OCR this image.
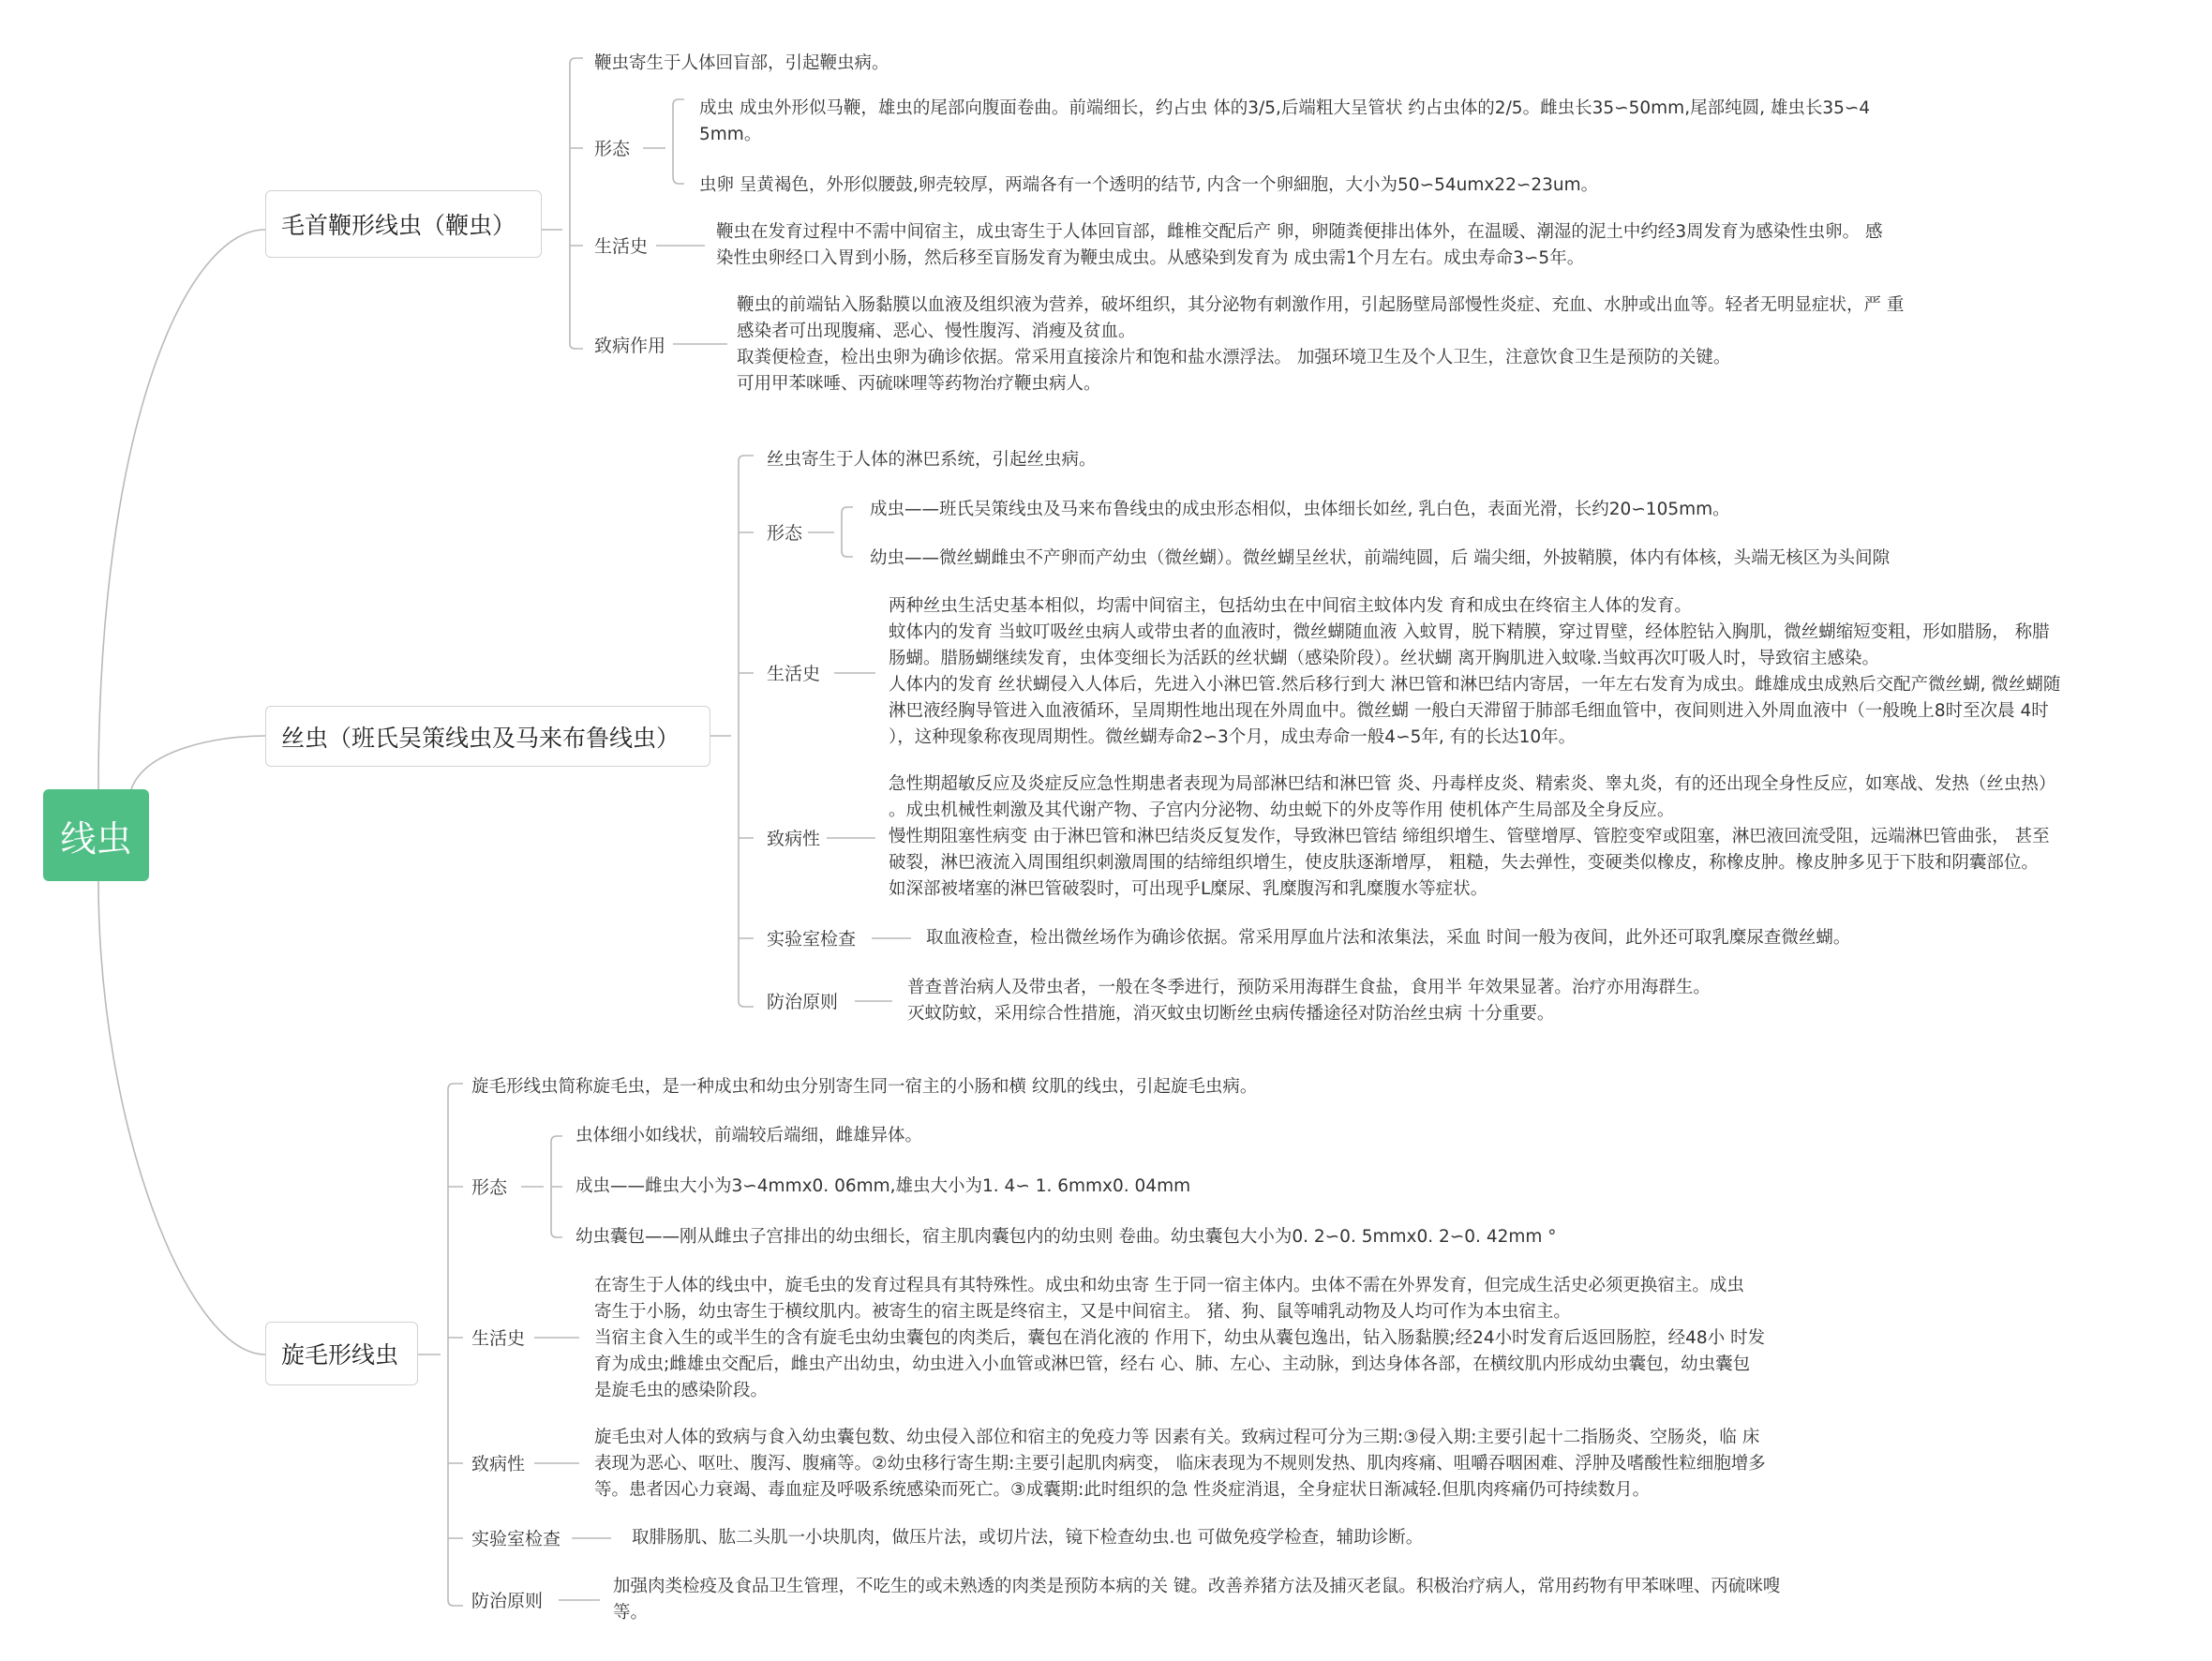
线虫
毛首鞭形线虫（鞭虫）
鞭虫寄生于人体回盲部，引起鞭虫病。
形态
成虫 成虫外形似马鞭，雄虫的尾部向腹面卷曲。前端细长，约占虫 体的3/5,后端粗大呈管状 约占虫体的2/5。雌虫长35∽50mm,尾部纯圆, 雄虫长35∽4
5mm。
虫卵 呈黄褐色，外形似腰鼓,卵壳较厚，两端各有一个透明的结节, 内含一个卵細胞，大小为50∽54umx22∽23um。
生活史
鞭虫在发育过程中不需中间宿主，成虫寄生于人体回盲部，雌椎交配后产 卵，卵随粪便排出体外，在温暖、潮湿的泥土中约经3周发育为感染性虫卵。 感
染性虫卵经口入胃到小肠，然后移至盲肠发育为鞭虫成虫。从感染到发育为 成虫需1个月左右。成虫寿命3∽5年。
致病作用
鞭虫的前端钻入肠黏膜以血液及组织液为营养，破坏组织，其分泌物有刺激作用，引起肠壁局部慢性炎症、充血、水肿或出血等。轻者无明显症状，严 重
感染者可出现腹痛、恶心、慢性腹泻、消瘦及贫血。
取粪便检查，检出虫卵为确诊依据。常采用直接涂片和饱和盐水漂浮法。 加强环境卫生及个人卫生，注意饮食卫生是预防的关键。
可用甲苯咪唾、丙硫咪哩等药物治疗鞭虫病人。
丝虫（班氏吴策线虫及马来布鲁线虫）
丝虫寄生于人体的淋巴系统，引起丝虫病。
形态
成虫——班氏吴策线虫及马来布鲁线虫的成虫形态相似，虫体细长如丝, 乳白色，表面光滑，长约20∽105mm。
幼虫——微丝蝴雌虫不产卵而产幼虫（微丝蝴）。微丝蝴呈丝状，前端纯圆，后 端尖细，外披鞘膜，体内有体核，头端无核区为头间隙
生活史
两种丝虫生活史基本相似，均需中间宿主，包括幼虫在中间宿主蚊体内发 育和成虫在终宿主人体的发育。
蚊体内的发育 当蚊叮吸丝虫病人或带虫者的血液时，微丝蝴随血液 入蚊胃，脱下精膜，穿过胃壁，经体腔钻入胸肌，微丝蝴缩短变粗，形如腊肠， 称腊
肠蝴。腊肠蝴继续发育，虫体变细长为活跃的丝状蝴（感染阶段）。丝状蝴 离开胸肌进入蚊喙.当蚊再次叮吸人时，导致宿主感染。
人体内的发育 丝状蝴侵入人体后，先进入小淋巴管.然后移行到大 淋巴管和淋巴结内寄居，一年左右发育为成虫。雌雄成虫成熟后交配产微丝蝴, 微丝蝴随
淋巴液经胸导管进入血液循环，呈周期性地出现在外周血中。微丝蝴 一般白天滞留于肺部毛细血管中，夜间则进入外周血液中（一般晚上8时至次晨 4时
），这种现象称夜现周期性。微丝蝴寿命2∽3个月，成虫寿命一般4∽5年, 有的长达10年。
致病性
急性期超敏反应及炎症反应急性期患者表现为局部淋巴结和淋巴管 炎、丹毒样皮炎、精索炎、睾丸炎，有的还出现全身性反应，如寒战、发热（丝虫热）
。成虫机械性刺激及其代谢产物、子宫内分泌物、幼虫蜕下的外皮等作用 使机体产生局部及全身反应。
慢性期阻塞性病变 由于淋巴管和淋巴结炎反复发作，导致淋巴管结 缔组织增生、管壁增厚、管腔变窄或阻塞，淋巴液回流受阻，远端淋巴管曲张， 甚至
破裂，淋巴液流入周围组织刺激周围的结缔组织增生，使皮肤逐渐增厚， 粗糙，失去弹性，变硬类似橡皮，称橡皮肿。橡皮肿多见于下肢和阴囊部位。
如深部被堵塞的淋巴管破裂时，可出现乎L糜尿、乳糜腹泻和乳糜腹水等症状。
实验室检查	取血液检查，检出微丝场作为确诊依据。常采用厚血片法和浓集法，采血 时间一般为夜间，此外还可取乳糜尿查微丝蝴。
防治原则
普查普治病人及带虫者，一般在冬季进行，预防采用海群生食盐，食用半 年效果显著。治疗亦用海群生。
灭蚊防蚊，采用综合性措施，消灭蚊虫切断丝虫病传播途径对防治丝虫病 十分重要。
旋毛形线虫
旋毛形线虫简称旋毛虫，是一种成虫和幼虫分别寄生同一宿主的小肠和横 纹肌的线虫，引起旋毛虫病。
形态
虫体细小如线状，前端较后端细，雌雄异体。
成虫——雌虫大小为3∽4mmx0. 06mm,雄虫大小为1. 4∽ 1. 6mmx0. 04mm
幼虫囊包——刚从雌虫子宫排出的幼虫细长，宿主肌肉囊包内的幼虫则 卷曲。幼虫囊包大小为0. 2∽0. 5mmx0. 2∽0. 42mm °
生活史
在寄生于人体的线虫中，旋毛虫的发育过程具有其特殊性。成虫和幼虫寄 生于同一宿主体内。虫体不需在外界发育，但完成生活史必须更换宿主。成虫
寄生于小肠，幼虫寄生于横纹肌内。被寄生的宿主既是终宿主，又是中间宿主。 猪、狗、鼠等哺乳动物及人均可作为本虫宿主。
当宿主食入生的或半生的含有旋毛虫幼虫囊包的肉类后，囊包在消化液的 作用下，幼虫从囊包逸出，钻入肠黏膜;经24小时发育后返回肠腔，经48小 时发
育为成虫;雌雄虫交配后，雌虫产出幼虫，幼虫进入小血管或淋巴管，经右 心、肺、左心、主动脉，到达身体各部，在横纹肌内形成幼虫囊包，幼虫囊包
是旋毛虫的感染阶段。
致病性
旋毛虫对人体的致病与食入幼虫囊包数、幼虫侵入部位和宿主的免疫力等 因素有关。致病过程可分为三期:③侵入期:主要引起十二指肠炎、空肠炎，临 床
表现为恶心、呕吐、腹泻、腹痛等。②幼虫移行寄生期:主要引起肌肉病变， 临床表现为不规则发热、肌肉疼痛、咀嚼吞咽困难、浮肿及嗜酸性粒细胞增多
等。患者因心力衰竭、毒血症及呼吸系统感染而死亡。③成囊期:此时组织的急 性炎症消退，全身症状日渐减轻.但肌肉疼痛仍可持续数月。
实验室检查	取腓肠肌、肱二头肌一小块肌肉，做压片法，或切片法，镜下检查幼虫.也 可做免疫学检查，辅助诊断。
防治原则
加强肉类检疫及食品卫生管理，不吃生的或未熟透的肉类是预防本病的关 键。改善养猪方法及捕灭老鼠。积极治疗病人，常用药物有甲苯咪哩、丙硫咪嗖
等。
